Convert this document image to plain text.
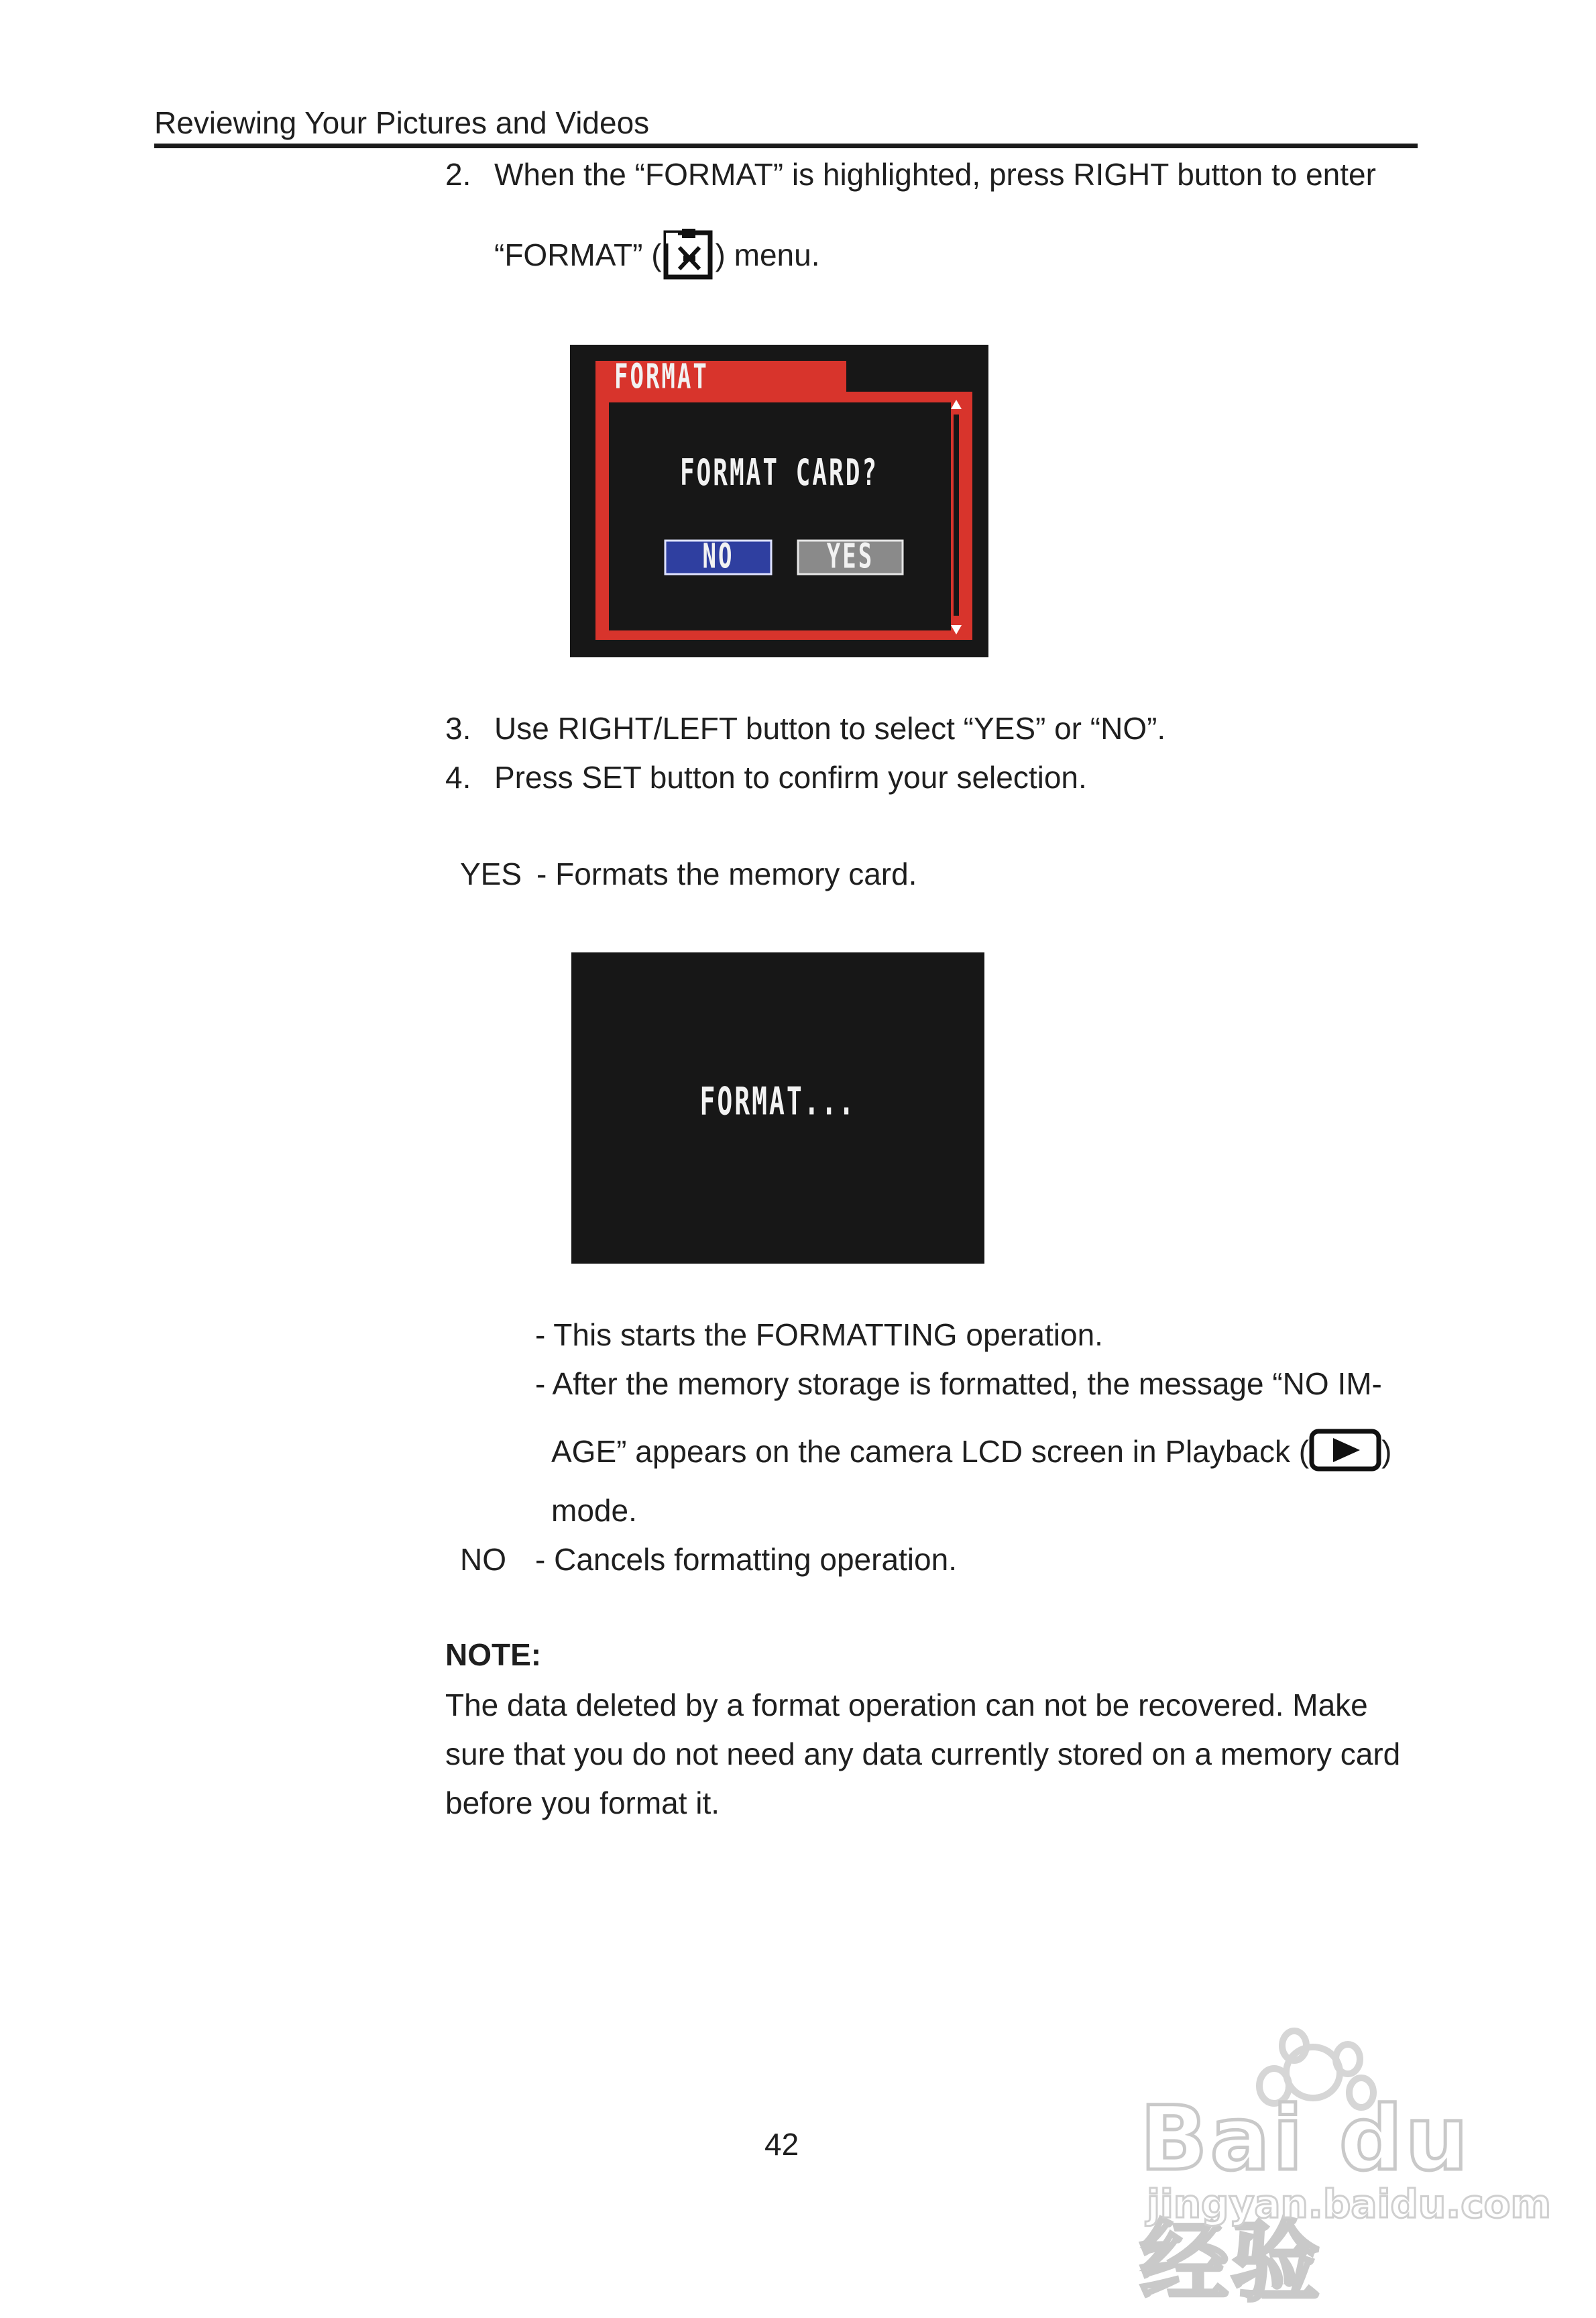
Reviewing Your Pictures and Videos
2. When the “FORMAT” is highlighted, press RIGHT button to enter
“FORMAT” ( ) menu.
FORMAT
FORMAT CARD?
NO	YES
3. Use RIGHT/LEFT button to select “YES” or “NO”.
4. Press SET button to confirm your selection.
YES - Formats the memory card.
FORMAT...
- This starts the FORMATTING operation.
- After the memory storage is formatted, the message “NO IM-
AGE” appears on the camera LCD screen in Playback ( )
mode.
NO - Cancels formatting operation.
NOTE:
The data deleted by a format operation can not be recovered. Make
sure that you do not need any data currently stored on a memory card
before you format it.
42	Bai du 经验
jingyan.baidu.com
